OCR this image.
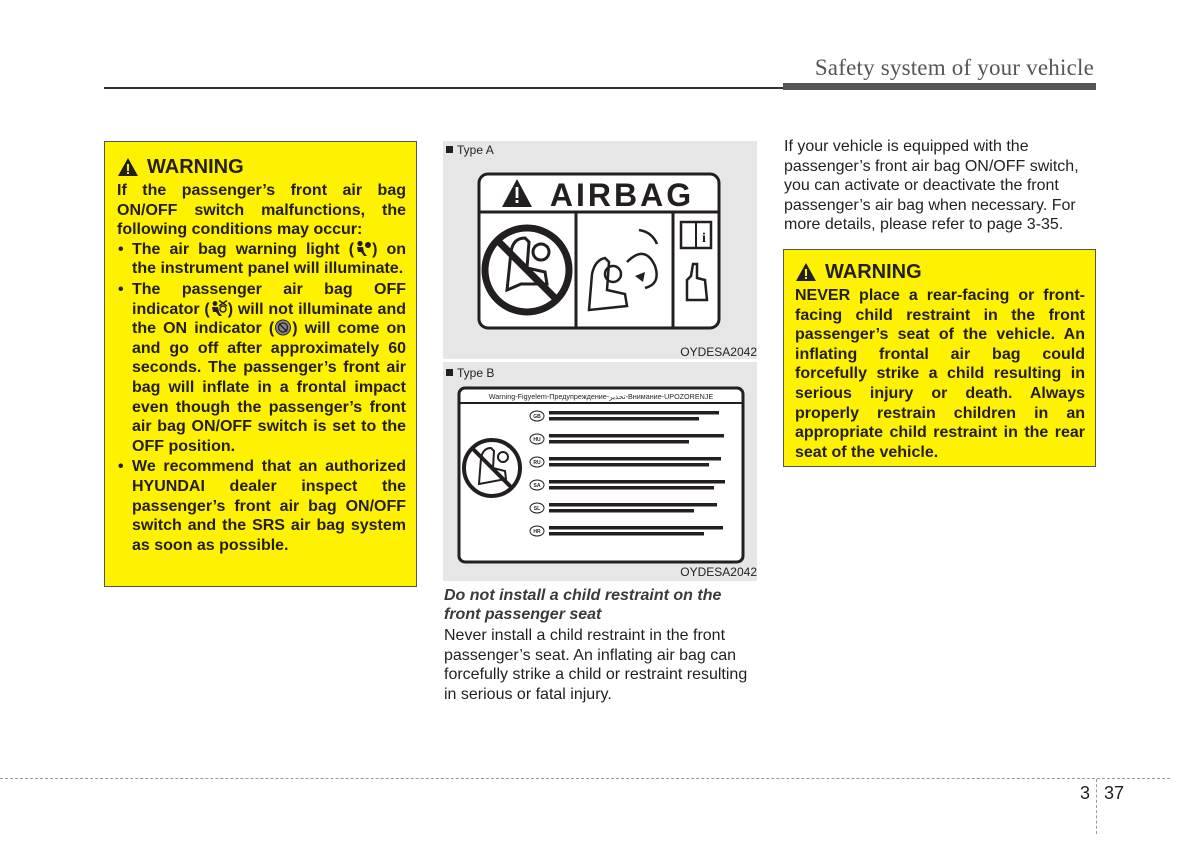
Safety system of your vehicle
WARNING

If the passenger’s front air bag ON/OFF switch malfunctions, the following conditions may occur:

• The air bag warning light ( ) on the instrument panel will illuminate.
• The passenger air bag OFF indicator ( ) will not illuminate and the ON indicator ( ) will come on and go off after approximately 60 seconds. The passenger’s front air bag will inflate in a frontal impact even though the passenger’s front air bag ON/OFF switch is set to the OFF position.
• We recommend that an authorized HYUNDAI dealer inspect the passenger’s front air bag ON/OFF switch and the SRS air bag system as soon as possible.
Type A
AIRBAG
i
OYDESA2042
Type B
Warning-Figyelem-Предупреждение-تحذير-Внимание-UPOZORENJE
GB
HU
RU
SA
SL
HR
OYDESA2042
Do not install a child restraint on the front passenger seat
Never install a child restraint in the front passenger’s seat. An inflating air bag can forcefully strike a child or restraint resulting in serious or fatal injury.
If your vehicle is equipped with the passenger’s front air bag ON/OFF switch, you can activate or deactivate the front passenger’s air bag when necessary. For more details, please refer to page 3-35.
WARNING

NEVER place a rear-facing or front-facing child restraint in the front passenger’s seat of the vehicle. An inflating frontal air bag could forcefully strike a child resulting in serious injury or death. Always properly restrain children in an appropriate child restraint in the rear seat of the vehicle.

3 37
